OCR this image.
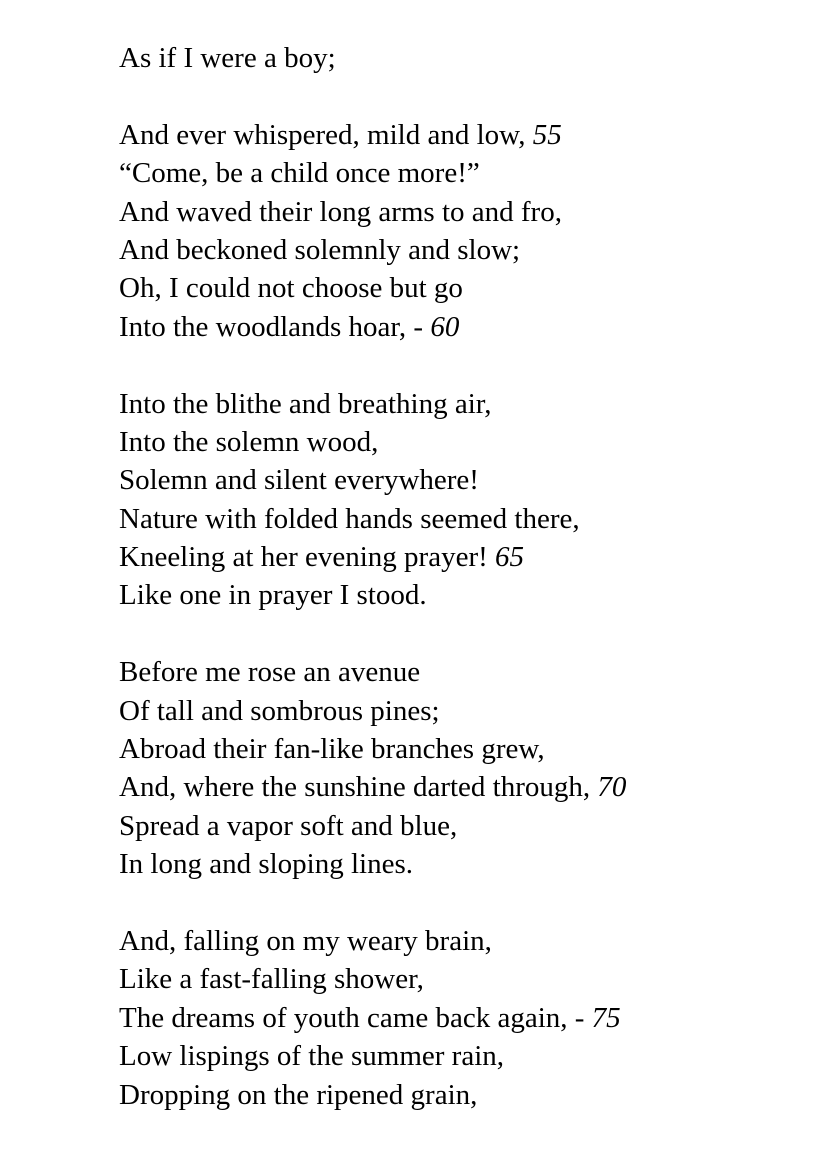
As if I were a boy;
And ever whispered, mild and low, 55
“Come, be a child once more!”
And waved their long arms to and fro,
And beckoned solemnly and slow;
Oh, I could not choose but go
Into the woodlands hoar, - 60
Into the blithe and breathing air,
Into the solemn wood,
Solemn and silent everywhere!
Nature with folded hands seemed there,
Kneeling at her evening prayer! 65
Like one in prayer I stood.
Before me rose an avenue
Of tall and sombrous pines;
Abroad their fan-like branches grew,
And, where the sunshine darted through, 70
Spread a vapor soft and blue,
In long and sloping lines.
And, falling on my weary brain,
Like a fast-falling shower,
The dreams of youth came back again, - 75
Low lispings of the summer rain,
Dropping on the ripened grain,
